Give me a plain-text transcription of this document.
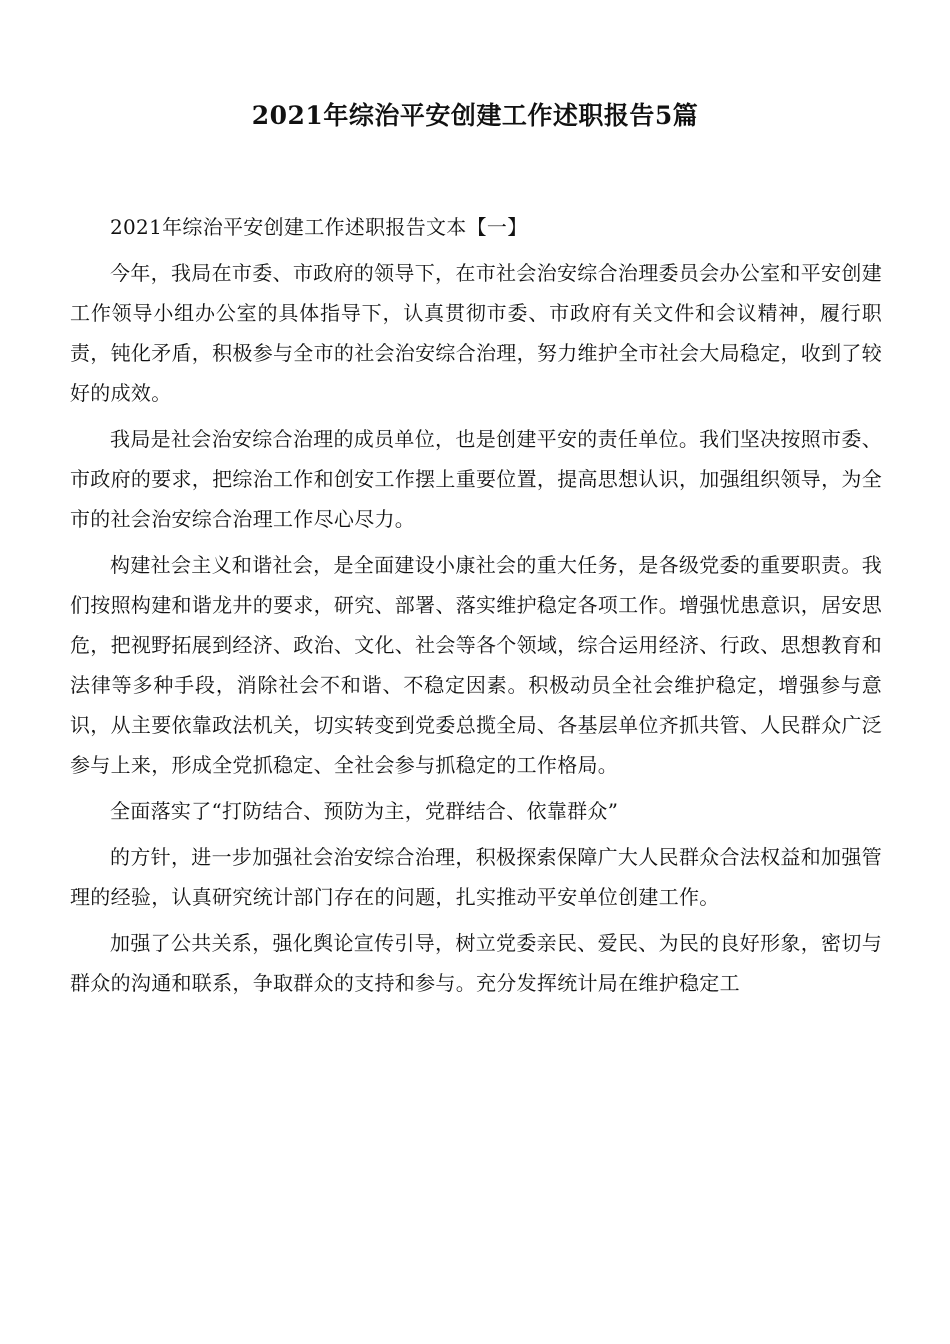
2021年综治平安创建工作述职报告5篇

2021年综治平安创建工作述职报告文本【一】

今年，我局在市委、市政府的领导下，在市社会治安综合治理委员会办公室和平安创建工作领导小组办公室的具体指导下，认真贯彻市委、市政府有关文件和会议精神，履行职责，钝化矛盾，积极参与全市的社会治安综合治理，努力维护全市社会大局稳定，收到了较好的成效。

我局是社会治安综合治理的成员单位，也是创建平安的责任单位。我们坚决按照市委、市政府的要求，把综治工作和创安工作摆上重要位置，提高思想认识，加强组织领导，为全市的社会治安综合治理工作尽心尽力。

构建社会主义和谐社会，是全面建设小康社会的重大任务，是各级党委的重要职责。我们按照构建和谐龙井的要求，研究、部署、落实维护稳定各项工作。增强忧患意识，居安思危，把视野拓展到经济、政治、文化、社会等各个领域，综合运用经济、行政、思想教育和法律等多种手段，消除社会不和谐、不稳定因素。积极动员全社会维护稳定，增强参与意识，从主要依靠政法机关，切实转变到党委总揽全局、各基层单位齐抓共管、人民群众广泛参与上来，形成全党抓稳定、全社会参与抓稳定的工作格局。

全面落实了“打防结合、预防为主，党群结合、依靠群众”

的方针，进一步加强社会治安综合治理，积极探索保障广大人民群众合法权益和加强管理的经验，认真研究统计部门存在的问题，扎实推动平安单位创建工作。

加强了公共关系，强化舆论宣传引导，树立党委亲民、爱民、为民的良好形象，密切与群众的沟通和联系，争取群众的支持和参与。充分发挥统计局在维护稳定工
